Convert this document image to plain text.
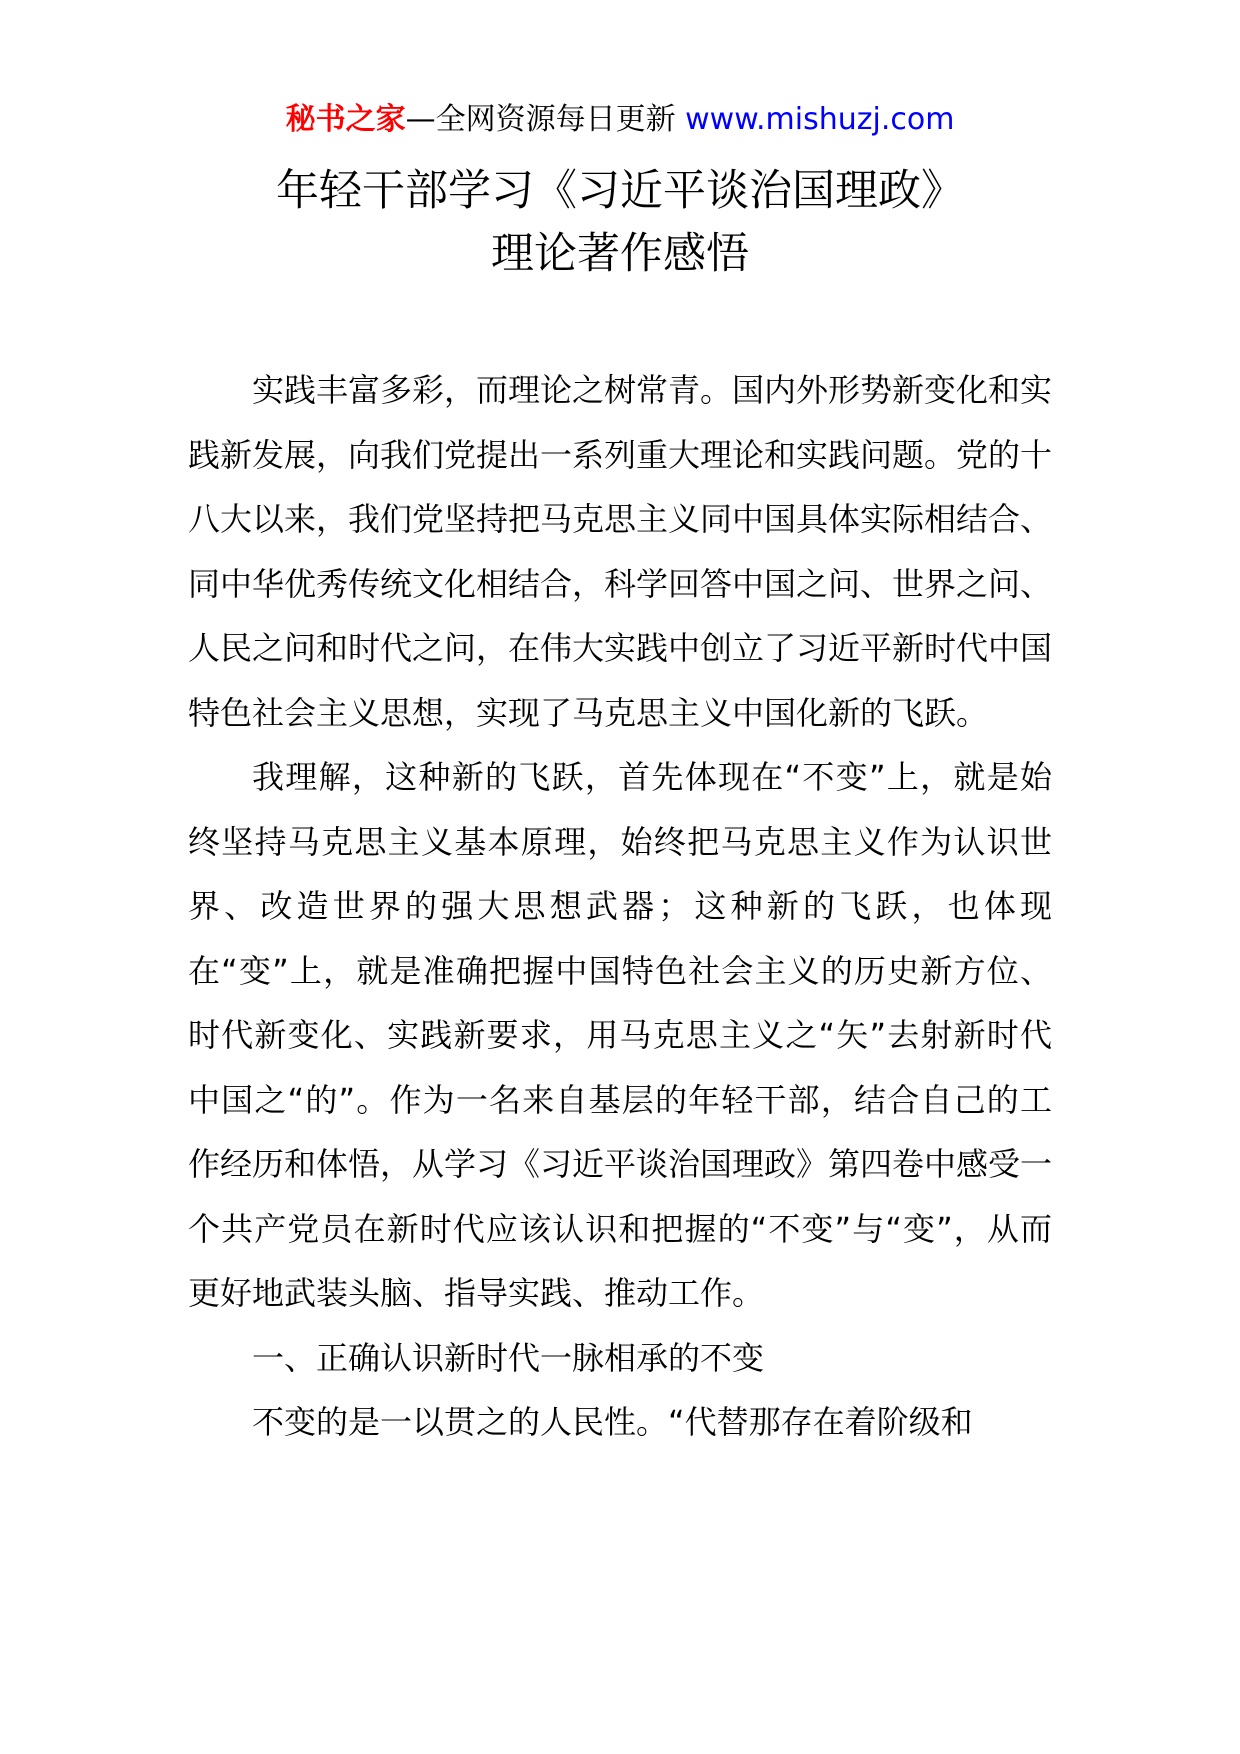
秘书之家—全网资源每日更新 www.mishuzj.com
年轻干部学习《习近平谈治国理政》
理论著作感悟

实践丰富多彩，而理论之树常青。国内外形势新变化和实践新发展，向我们党提出一系列重大理论和实践问题。党的十八大以来，我们党坚持把马克思主义同中国具体实际相结合、同中华优秀传统文化相结合，科学回答中国之问、世界之问、人民之问和时代之问，在伟大实践中创立了习近平新时代中国特色社会主义思想，实现了马克思主义中国化新的飞跃。

我理解，这种新的飞跃，首先体现在“不变”上，就是始终坚持马克思主义基本原理，始终把马克思主义作为认识世界、改造世界的强大思想武器；这种新的飞跃，也体现在“变”上，就是准确把握中国特色社会主义的历史新方位、时代新变化、实践新要求，用马克思主义之“矢”去射新时代中国之“的”。作为一名来自基层的年轻干部，结合自己的工作经历和体悟，从学习《习近平谈治国理政》第四卷中感受一个共产党员在新时代应该认识和把握的“不变”与“变”，从而更好地武装头脑、指导实践、推动工作。

一、正确认识新时代一脉相承的不变

不变的是一以贯之的人民性。“代替那存在着阶级和
